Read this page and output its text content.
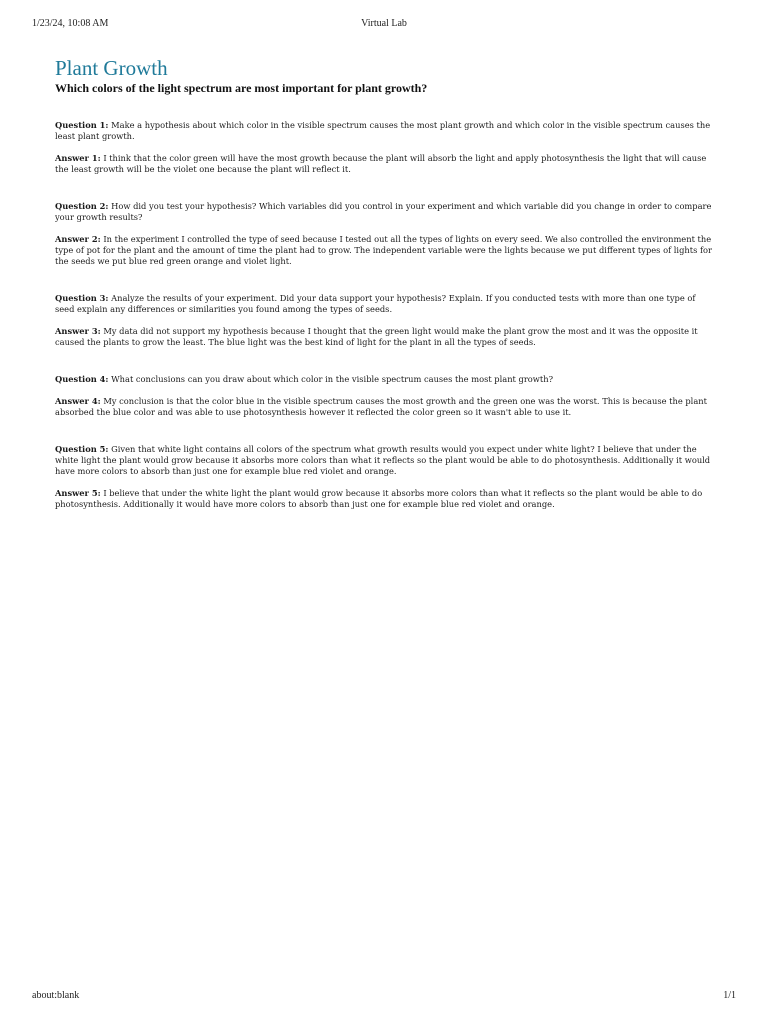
1/23/24, 10:08 AM	Virtual Lab
Plant Growth
Which colors of the light spectrum are most important for plant growth?

Question 1: Make a hypothesis about which color in the visible spectrum causes the most plant growth and which color in the visible spectrum causes the least plant growth.

Answer 1: I think that the color green will have the most growth because the plant will absorb the light and apply photosynthesis the light that will cause the least growth will be the violet one because the plant will reflect it.

Question 2: How did you test your hypothesis? Which variables did you control in your experiment and which variable did you change in order to compare your growth results?

Answer 2: In the experiment I controlled the type of seed because I tested out all the types of lights on every seed. We also controlled the environment the type of pot for the plant and the amount of time the plant had to grow. The independent variable were the lights because we put different types of lights for the seeds we put blue red green orange and violet light.

Question 3: Analyze the results of your experiment. Did your data support your hypothesis? Explain. If you conducted tests with more than one type of seed explain any differences or similarities you found among the types of seeds.

Answer 3: My data did not support my hypothesis because I thought that the green light would make the plant grow the most and it was the opposite it caused the plants to grow the least. The blue light was the best kind of light for the plant in all the types of seeds.

Question 4: What conclusions can you draw about which color in the visible spectrum causes the most plant growth?

Answer 4: My conclusion is that the color blue in the visible spectrum causes the most growth and the green one was the worst. This is because the plant absorbed the blue color and was able to use photosynthesis however it reflected the color green so it wasn't able to use it.

Question 5: Given that white light contains all colors of the spectrum what growth results would you expect under white light? I believe that under the white light the plant would grow because it absorbs more colors than what it reflects so the plant would be able to do photosynthesis. Additionally it would have more colors to absorb than just one for example blue red violet and orange.

Answer 5: I believe that under the white light the plant would grow because it absorbs more colors than what it reflects so the plant would be able to do photosynthesis. Additionally it would have more colors to absorb than just one for example blue red violet and orange.

about:blank	1/1
